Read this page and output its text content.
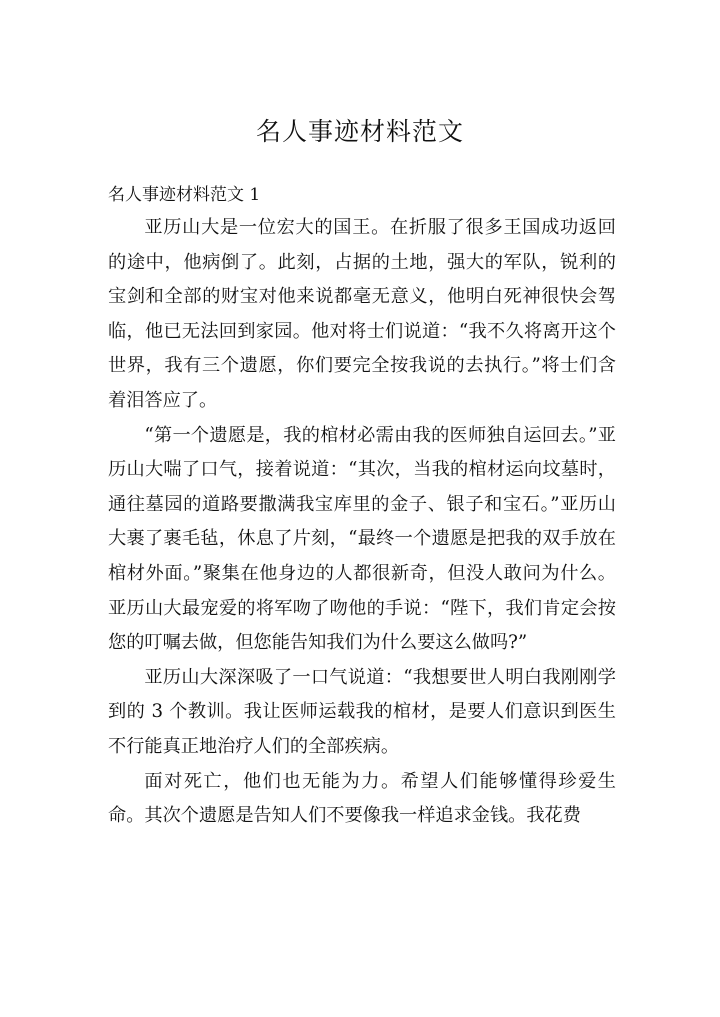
名人事迹材料范文

名人事迹材料范文 1

亚历山大是一位宏大的国王。在折服了很多王国成功返回的途中，他病倒了。此刻，占据的土地，强大的军队，锐利的宝剑和全部的财宝对他来说都毫无意义，他明白死神很快会驾临，他已无法回到家园。他对将士们说道：“我不久将离开这个世界，我有三个遗愿，你们要完全按我说的去执行。”将士们含着泪答应了。

“第一个遗愿是，我的棺材必需由我的医师独自运回去。”亚历山大喘了口气，接着说道：“其次，当我的棺材运向坟墓时，通往墓园的道路要撒满我宝库里的金子、银子和宝石。”亚历山大裹了裹毛毡，休息了片刻，“最终一个遗愿是把我的双手放在棺材外面。”聚集在他身边的人都很新奇，但没人敢问为什么。亚历山大最宠爱的将军吻了吻他的手说：“陛下，我们肯定会按您的叮嘱去做，但您能告知我们为什么要这么做吗?”

亚历山大深深吸了一口气说道：“我想要世人明白我刚刚学到的 3 个教训。我让医师运载我的棺材，是要人们意识到医生不行能真正地治疗人们的全部疾病。

面对死亡，他们也无能为力。希望人们能够懂得珍爱生命。其次个遗愿是告知人们不要像我一样追求金钱。我花费
